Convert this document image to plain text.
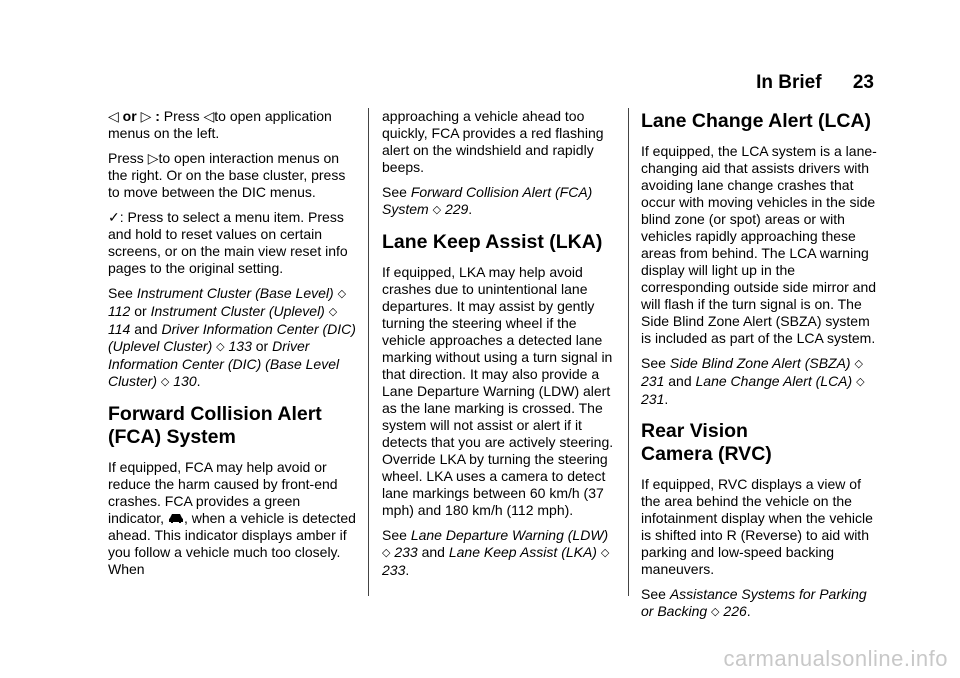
In Brief 23

◁ or ▷ : Press ◁to open application menus on the left.

Press ▷to open interaction menus on the right. Or on the base cluster, press to move between the DIC menus.

✓: Press to select a menu item. Press and hold to reset values on certain screens, or on the main view reset info pages to the original setting.

See Instrument Cluster (Base Level) ◇ 112 or Instrument Cluster (Uplevel) ◇ 114 and Driver Information Center (DIC) (Uplevel Cluster) ◇ 133 or Driver Information Center (DIC) (Base Level Cluster) ◇ 130.

Forward Collision Alert (FCA) System

If equipped, FCA may help avoid or reduce the harm caused by front-end crashes. FCA provides a green indicator, , when a vehicle is detected ahead. This indicator displays amber if you follow a vehicle much too closely. When

approaching a vehicle ahead too quickly, FCA provides a red flashing alert on the windshield and rapidly beeps.

See Forward Collision Alert (FCA) System ◇ 229.

Lane Keep Assist (LKA)

If equipped, LKA may help avoid crashes due to unintentional lane departures. It may assist by gently turning the steering wheel if the vehicle approaches a detected lane marking without using a turn signal in that direction. It may also provide a Lane Departure Warning (LDW) alert as the lane marking is crossed. The system will not assist or alert if it detects that you are actively steering. Override LKA by turning the steering wheel. LKA uses a camera to detect lane markings between 60 km/h (37 mph) and 180 km/h (112 mph).

See Lane Departure Warning (LDW) ◇ 233 and Lane Keep Assist (LKA) ◇ 233.

Lane Change Alert (LCA)

If equipped, the LCA system is a lane-changing aid that assists drivers with avoiding lane change crashes that occur with moving vehicles in the side blind zone (or spot) areas or with vehicles rapidly approaching these areas from behind. The LCA warning display will light up in the corresponding outside side mirror and will flash if the turn signal is on. The Side Blind Zone Alert (SBZA) system is included as part of the LCA system.

See Side Blind Zone Alert (SBZA) ◇ 231 and Lane Change Alert (LCA) ◇ 231.

Rear Vision
Camera (RVC)

If equipped, RVC displays a view of the area behind the vehicle on the infotainment display when the vehicle is shifted into R (Reverse) to aid with parking and low-speed backing maneuvers.

See Assistance Systems for Parking or Backing ◇ 226.

carmanualsonline.info
